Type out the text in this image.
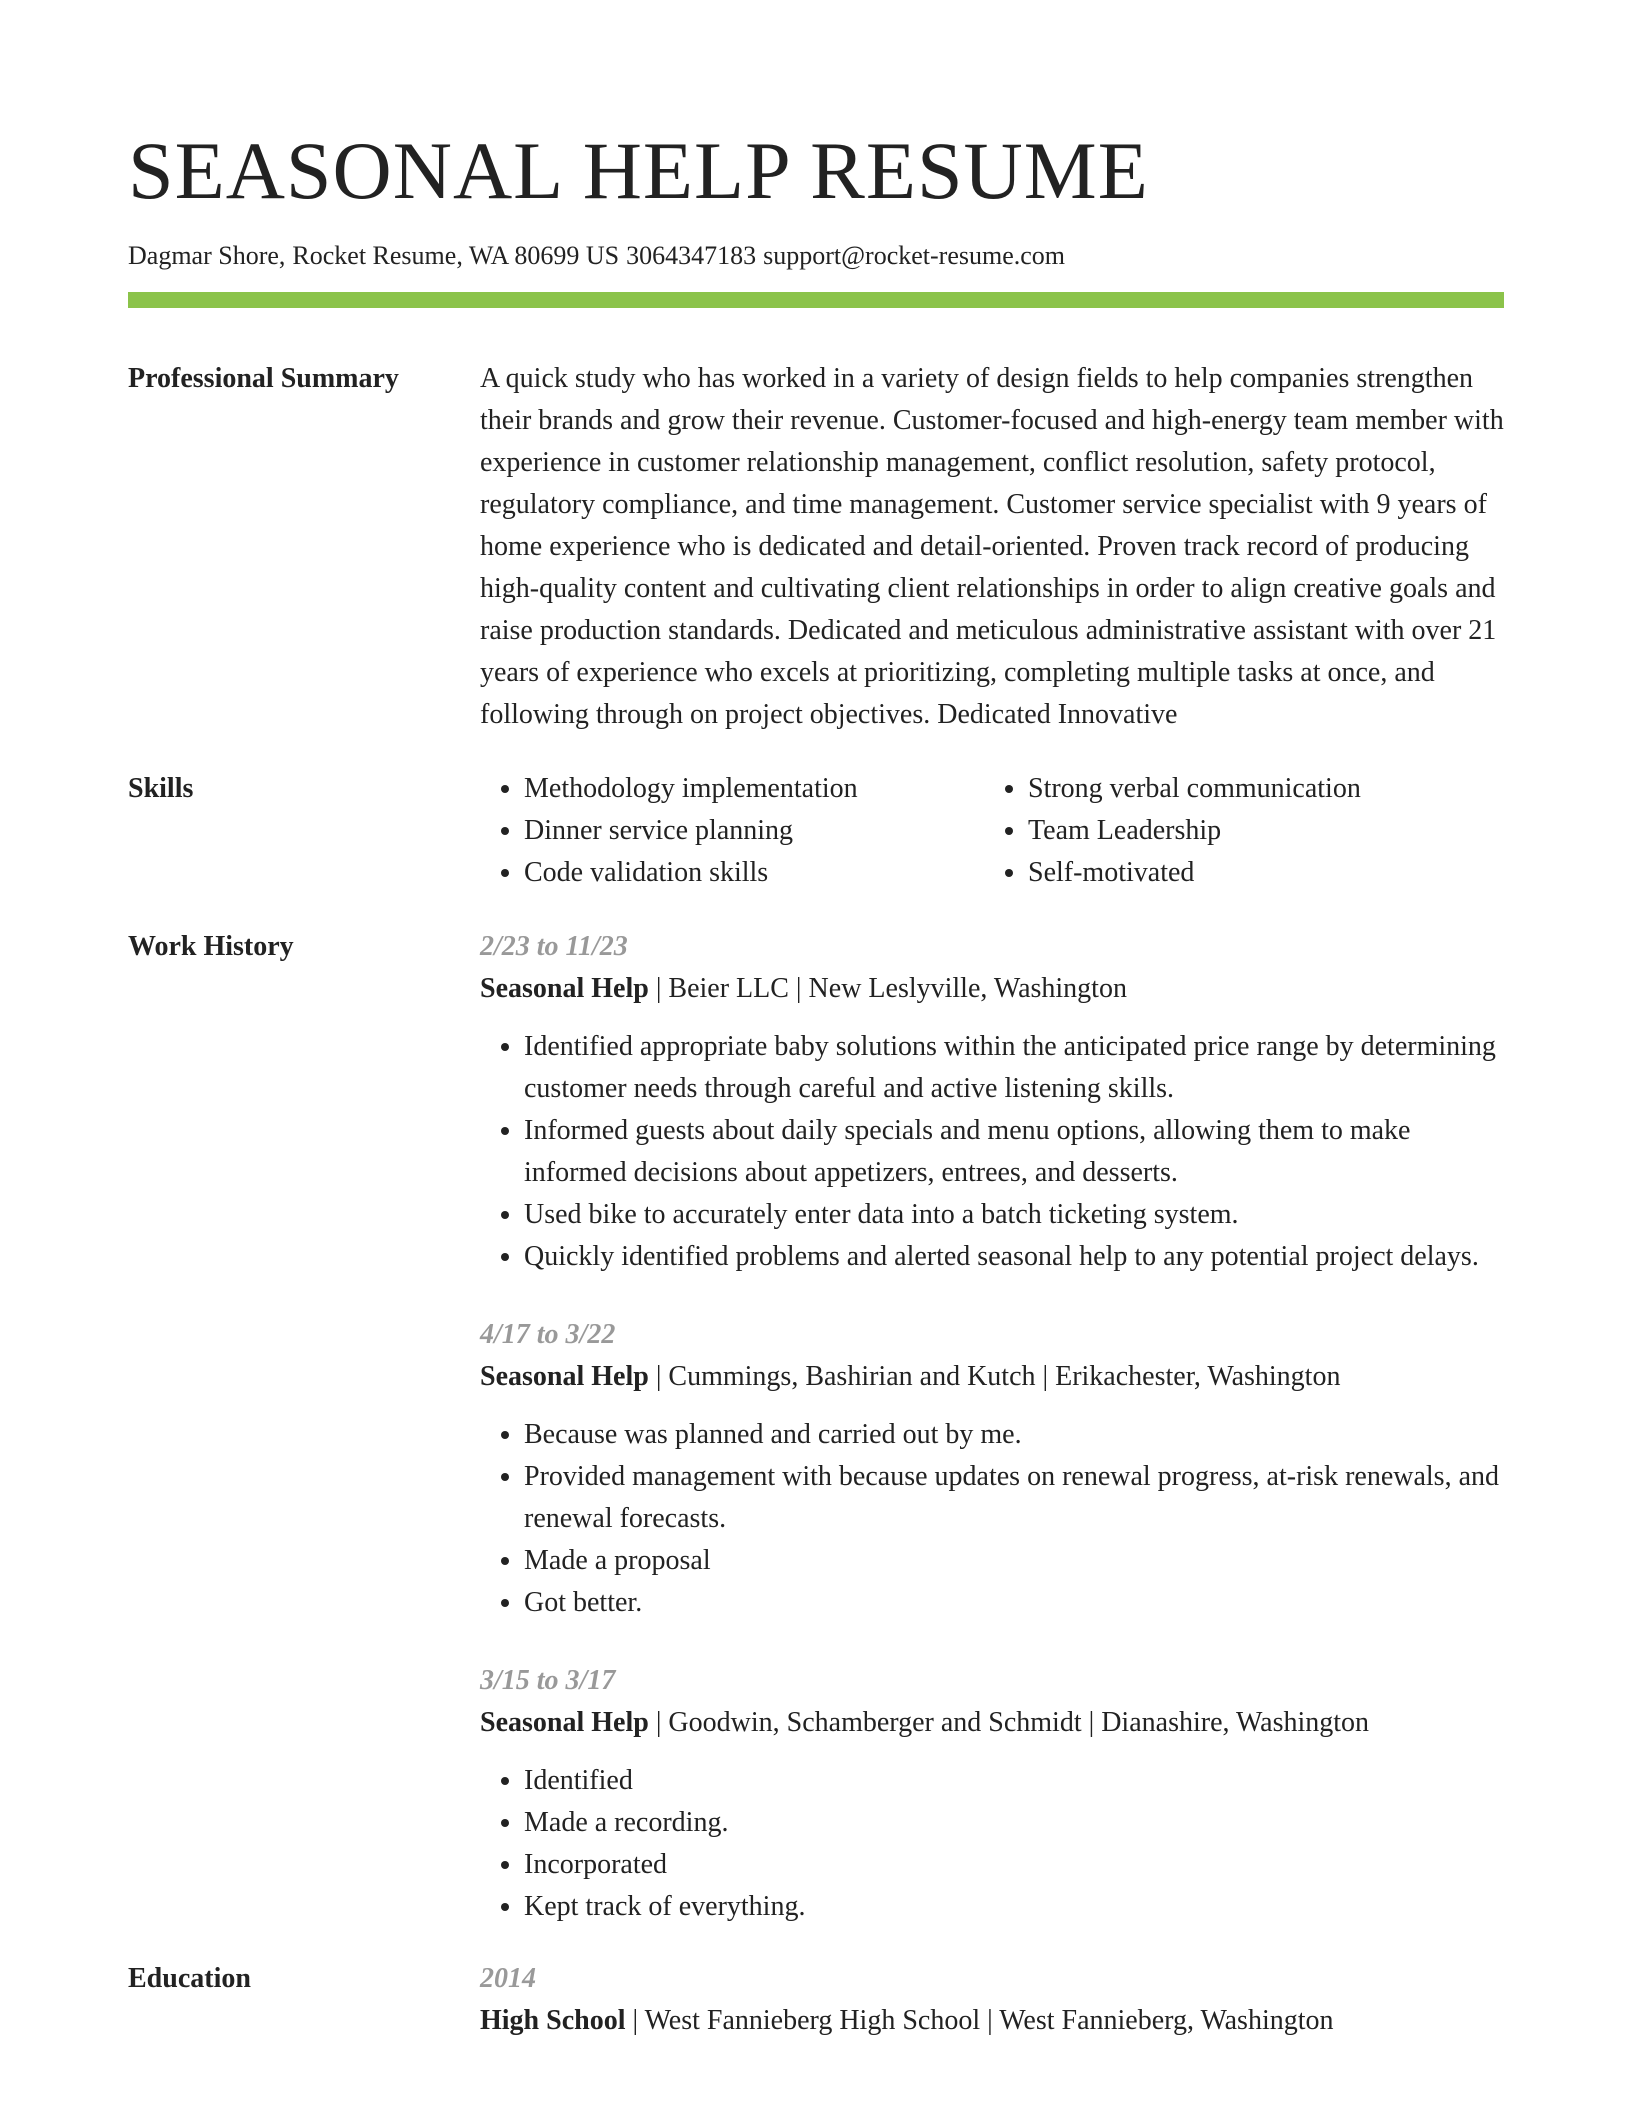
SEASONAL HELP RESUME
Dagmar Shore, Rocket Resume, WA 80699 US 3064347183 support@rocket-resume.com
Professional Summary	A quick study who has worked in a variety of design fields to help companies strengthen their brands and grow their revenue. Customer-focused and high-energy team member with experience in customer relationship management, conflict resolution, safety protocol, regulatory compliance, and time management. Customer service specialist with 9 years of home experience who is dedicated and detail-oriented. Proven track record of producing high-quality content and cultivating client relationships in order to align creative goals and raise production standards. Dedicated and meticulous administrative assistant with over 21 years of experience who excels at prioritizing, completing multiple tasks at once, and following through on project objectives. Dedicated Innovative
Skills
•	Methodology implementation
• Dinner service planning
• Code validation skills
• Strong verbal communication
• Team Leadership
• Self-motivated
Work History	2/23 to 11/23
Seasonal Help | Beier LLC | New Leslyville, Washington
• Identified appropriate baby solutions within the anticipated price range by determining customer needs through careful and active listening skills.
• Informed guests about daily specials and menu options, allowing them to make informed decisions about appetizers, entrees, and desserts.
• Used bike to accurately enter data into a batch ticketing system.
• Quickly identified problems and alerted seasonal help to any potential project delays.
4/17 to 3/22
Seasonal Help | Cummings, Bashirian and Kutch | Erikachester, Washington
• Because was planned and carried out by me.
• Provided management with because updates on renewal progress, at-risk renewals, and renewal forecasts.
• Made a proposal
• Got better.
3/15 to 3/17
Seasonal Help | Goodwin, Schamberger and Schmidt | Dianashire, Washington
• Identified
• Made a recording.
• Incorporated
• Kept track of everything.
Education	2014
High School | West Fannieberg High School | West Fannieberg, Washington
